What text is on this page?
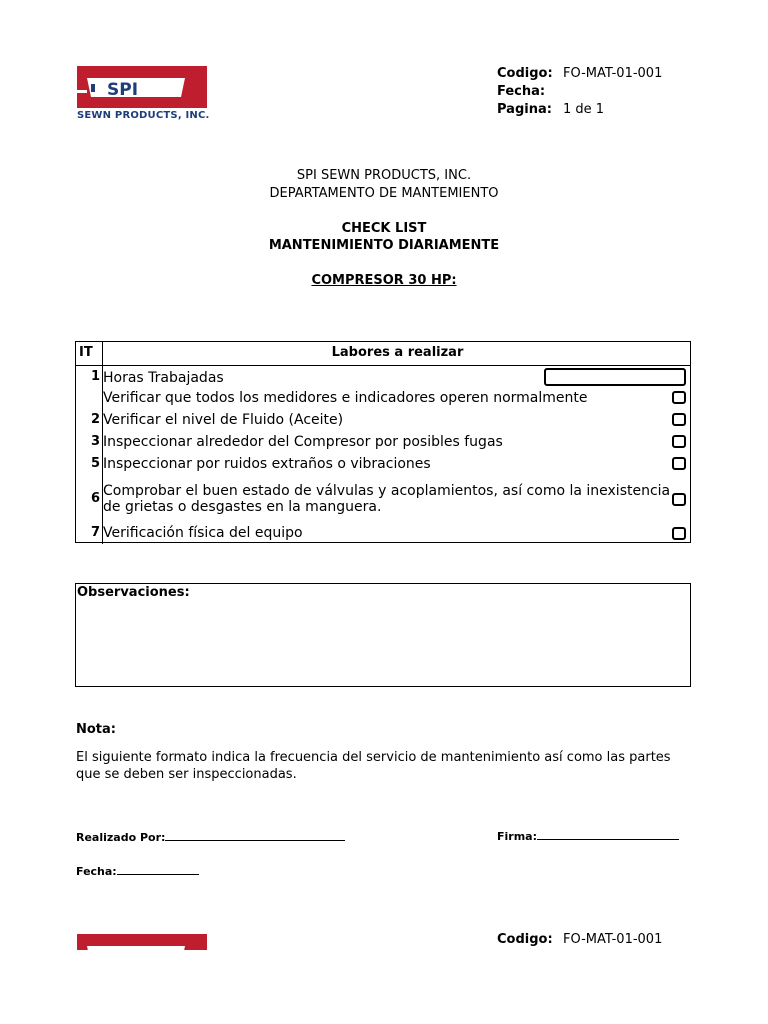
SPI
SEWN PRODUCTS, INC.
Codigo: FO-MAT-01-001
Fecha:
Pagina: 1 de 1
SPI SEWN PRODUCTS, INC.
DEPARTAMENTO DE MANTEMIENTO
CHECK LIST
MANTENIMIENTO DIARIAMENTE
COMPRESOR 30 HP:
IT	Labores a realizar
1 Horas Trabajadas
Verificar que todos los medidores e indicadores operen normalmente
2 Verificar el nivel de Fluido (Aceite)
3 Inspeccionar alrededor del Compresor por posibles fugas
5 Inspeccionar por ruidos extraños o vibraciones
6 Comprobar el buen estado de válvulas y acoplamientos, así como la inexistencia de grietas o desgastes en la manguera.
7 Verificación física del equipo
Observaciones:
Nota:
El siguiente formato indica la frecuencia del servicio de mantenimiento así como las partes que se deben ser inspeccionadas.
Realizado Por:	Firma:
Fecha:
SPI
Codigo: FO-MAT-01-001
